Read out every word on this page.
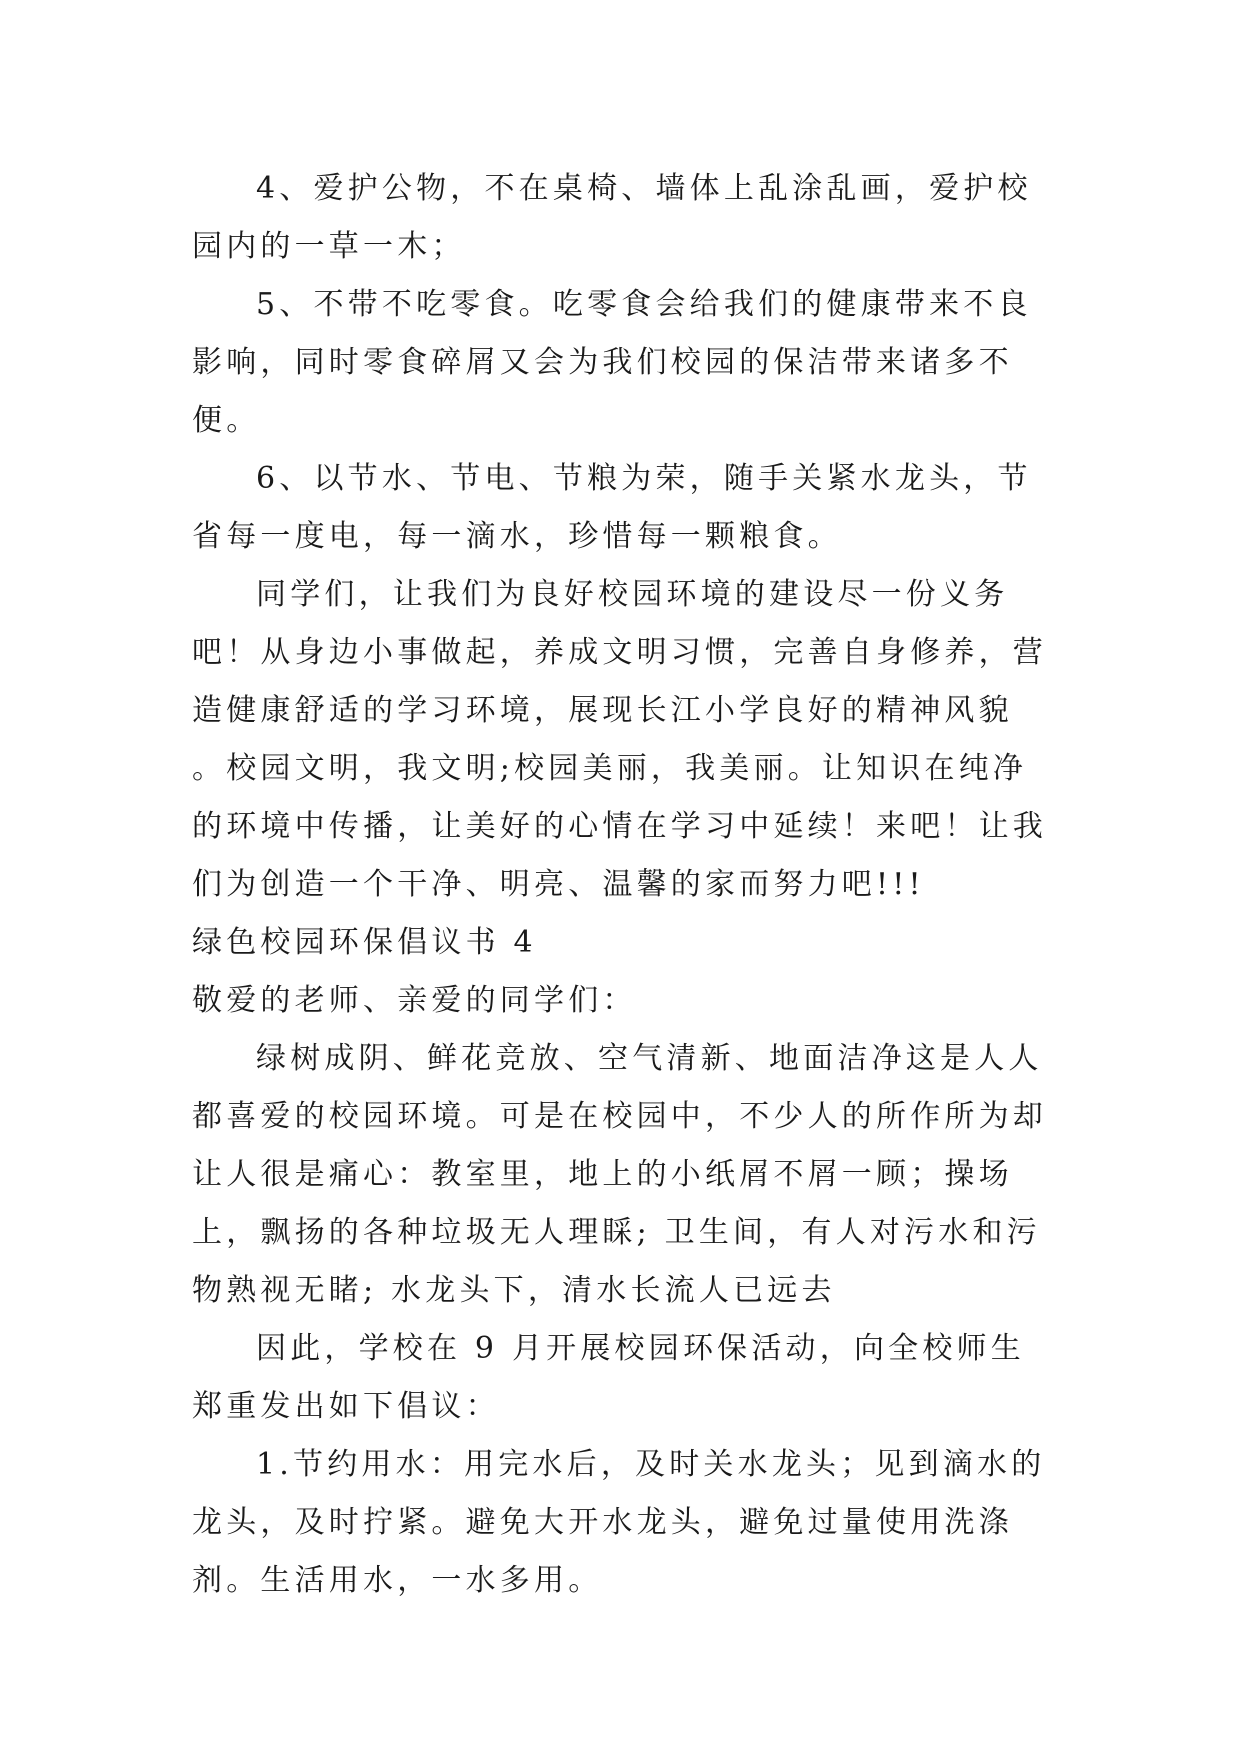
4、爱护公物，不在桌椅、墙体上乱涂乱画，爱护校园内的一草一木；

5、不带不吃零食。吃零食会给我们的健康带来不良影响，同时零食碎屑又会为我们校园的保洁带来诸多不便。

6、以节水、节电、节粮为荣，随手关紧水龙头，节省每一度电，每一滴水，珍惜每一颗粮食。

同学们，让我们为良好校园环境的建设尽一份义务吧！从身边小事做起，养成文明习惯，完善自身修养，营造健康舒适的学习环境，展现长江小学良好的精神风貌 。校园文明，我文明;校园美丽，我美丽。让知识在纯净的环境中传播，让美好的心情在学习中延续！来吧！让我们为创造一个干净、明亮、温馨的家而努力吧!!!

绿色校园环保倡议书 4

敬爱的老师、亲爱的同学们：

绿树成阴、鲜花竞放、空气清新、地面洁净这是人人都喜爱的校园环境。可是在校园中，不少人的所作所为却让人很是痛心：教室里，地上的小纸屑不屑一顾；操场上，飘扬的各种垃圾无人理睬; 卫生间，有人对污水和污物熟视无睹; 水龙头下，清水长流人已远去

因此，学校在 9 月开展校园环保活动，向全校师生郑重发出如下倡议：

1.节约用水：用完水后，及时关水龙头；见到滴水的龙头，及时拧紧。避免大开水龙头，避免过量使用洗涤剂。生活用水，一水多用。
